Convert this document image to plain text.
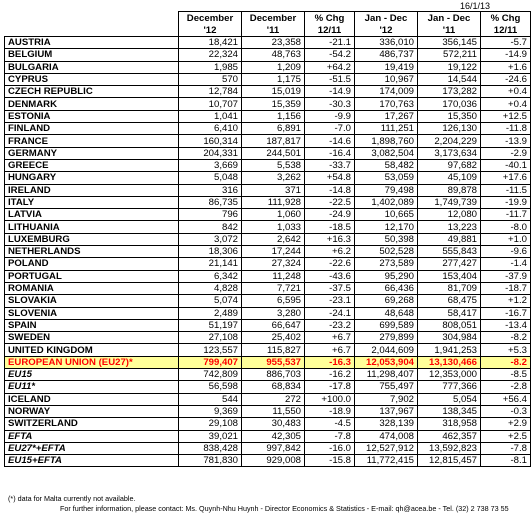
16/1/13
	December	December	% Chg	Jan - Dec	Jan - Dec	% Chg
	'12	'11	12/11	'12	'11	12/11
AUSTRIA	18,421	23,358	-21.1	336,010	356,145	-5.7
BELGIUM	22,324	48,763	-54.2	486,737	572,211	-14.9
BULGARIA	1,985	1,209	+64.2	19,419	19,122	+1.6
CYPRUS	570	1,175	-51.5	10,967	14,544	-24.6
CZECH REPUBLIC	12,784	15,019	-14.9	174,009	173,282	+0.4
DENMARK	10,707	15,359	-30.3	170,763	170,036	+0.4
ESTONIA	1,041	1,156	-9.9	17,267	15,350	+12.5
FINLAND	6,410	6,891	-7.0	111,251	126,130	-11.8
FRANCE	160,314	187,817	-14.6	1,898,760	2,204,229	-13.9
GERMANY	204,331	244,501	-16.4	3,082,504	3,173,634	-2.9
GREECE	3,669	5,538	-33.7	58,482	97,682	-40.1
HUNGARY	5,048	3,262	+54.8	53,059	45,109	+17.6
IRELAND	316	371	-14.8	79,498	89,878	-11.5
ITALY	86,735	111,928	-22.5	1,402,089	1,749,739	-19.9
LATVIA	796	1,060	-24.9	10,665	12,080	-11.7
LITHUANIA	842	1,033	-18.5	12,170	13,223	-8.0
LUXEMBURG	3,072	2,642	+16.3	50,398	49,881	+1.0
NETHERLANDS	18,306	17,244	+6.2	502,528	555,843	-9.6
POLAND	21,141	27,324	-22.6	273,589	277,427	-1.4
PORTUGAL	6,342	11,248	-43.6	95,290	153,404	-37.9
ROMANIA	4,828	7,721	-37.5	66,436	81,709	-18.7
SLOVAKIA	5,074	6,595	-23.1	69,268	68,475	+1.2
SLOVENIA	2,489	3,280	-24.1	48,648	58,417	-16.7
SPAIN	51,197	66,647	-23.2	699,589	808,051	-13.4
SWEDEN	27,108	25,402	+6.7	279,899	304,984	-8.2
UNITED KINGDOM	123,557	115,827	+6.7	2,044,609	1,941,253	+5.3
EUROPEAN UNION (EU27)*	799,407	955,537	-16.3	12,053,904	13,130,466	-8.2
EU15	742,809	886,703	-16.2	11,298,407	12,353,000	-8.5
EU11*	56,598	68,834	-17.8	755,497	777,366	-2.8
ICELAND	544	272	+100.0	7,902	5,054	+56.4
NORWAY	9,369	11,550	-18.9	137,967	138,345	-0.3
SWITZERLAND	29,108	30,483	-4.5	328,139	318,958	+2.9
EFTA	39,021	42,305	-7.8	474,008	462,357	+2.5
EU27*+EFTA	838,428	997,842	-16.0	12,527,912	13,592,823	-7.8
EU15+EFTA	781,830	929,008	-15.8	11,772,415	12,815,457	-8.1
(*) data for Malta currently not available.
For further information, please contact: Ms. Quynh-Nhu Huynh - Director Economics & Statistics - E-mail: qh@acea.be - Tel. (32) 2 738 73 55
